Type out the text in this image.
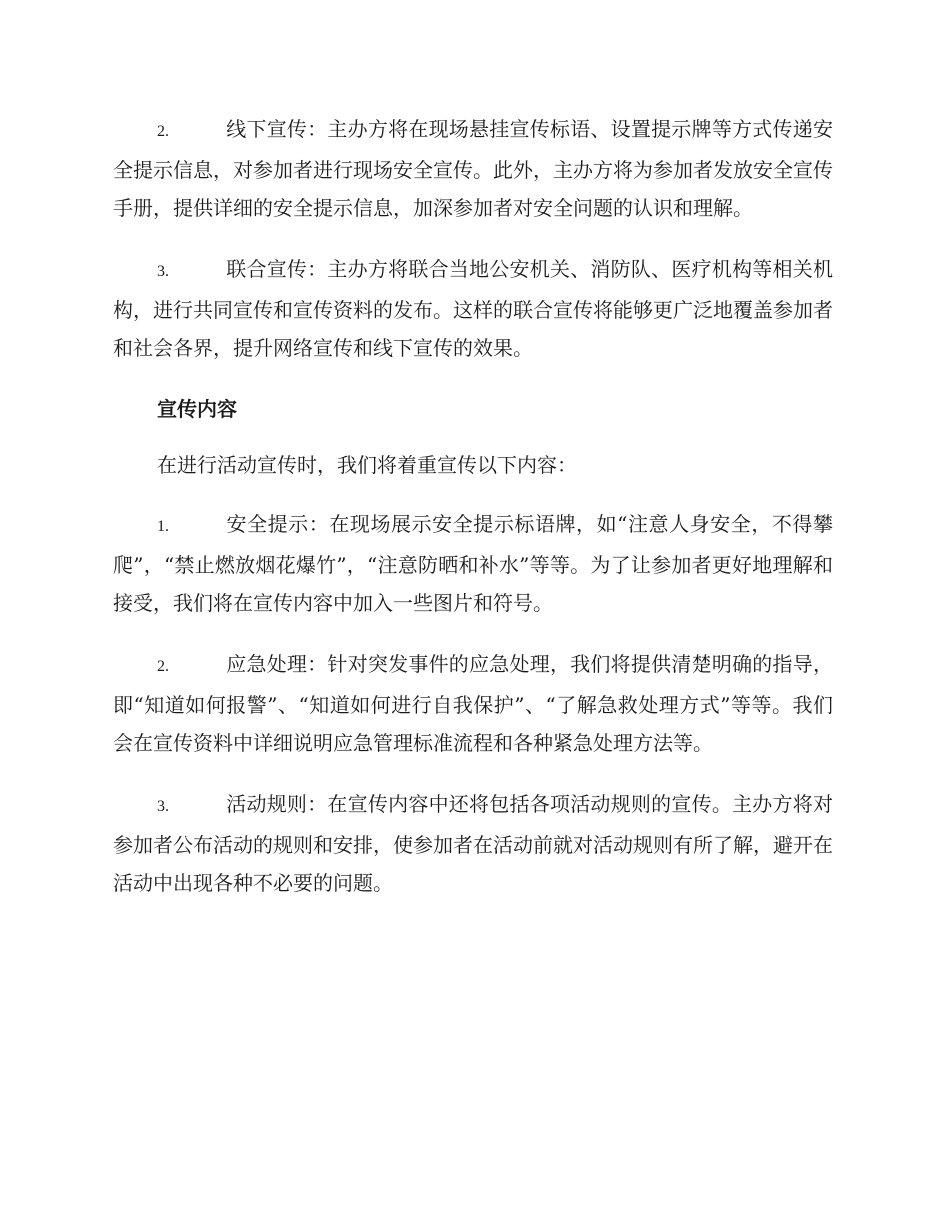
2.	线下宣传：主办方将在现场悬挂宣传标语、设置提示牌等方式传递安全提示信息，对参加者进行现场安全宣传。此外，主办方将为参加者发放安全宣传手册，提供详细的安全提示信息，加深参加者对安全问题的认识和理解。

3.	联合宣传：主办方将联合当地公安机关、消防队、医疗机构等相关机构，进行共同宣传和宣传资料的发布。这样的联合宣传将能够更广泛地覆盖参加者和社会各界，提升网络宣传和线下宣传的效果。

宣传内容

在进行活动宣传时，我们将着重宣传以下内容：

1.	安全提示：在现场展示安全提示标语牌，如“注意人身安全，不得攀爬”，“禁止燃放烟花爆竹”，“注意防晒和补水”等等。为了让参加者更好地理解和接受，我们将在宣传内容中加入一些图片和符号。

2.	应急处理：针对突发事件的应急处理，我们将提供清楚明确的指导，即“知道如何报警”、“知道如何进行自我保护”、“了解急救处理方式”等等。我们会在宣传资料中详细说明应急管理标准流程和各种紧急处理方法等。

3.	活动规则：在宣传内容中还将包括各项活动规则的宣传。主办方将对参加者公布活动的规则和安排，使参加者在活动前就对活动规则有所了解，避开在活动中出现各种不必要的问题。
